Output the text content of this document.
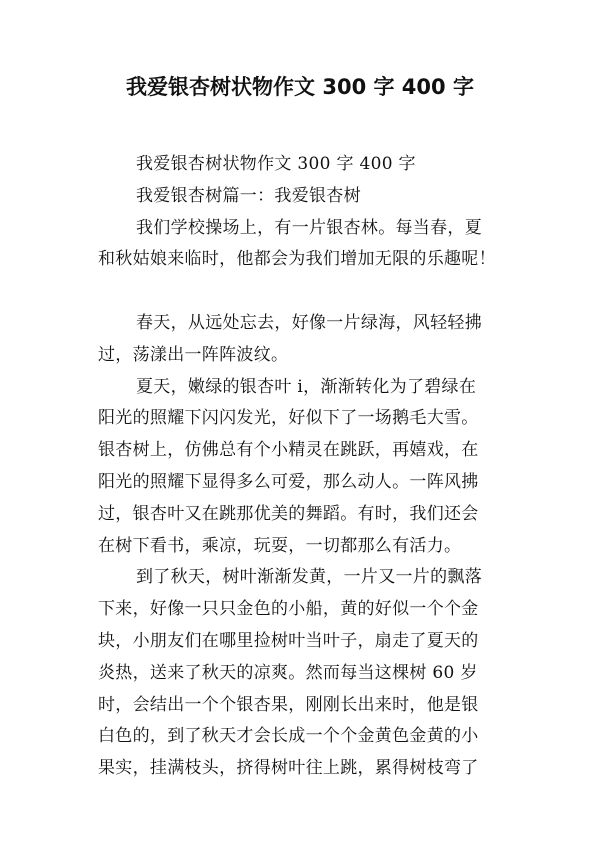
我爱银杏树状物作文 300 字 400 字
我爱银杏树状物作文 300 字 400 字
我爱银杏树篇一：我爱银杏树
我们学校操场上，有一片银杏林。每当春，夏
和秋姑娘来临时，他都会为我们增加无限的乐趣呢！
春天，从远处忘去，好像一片绿海，风轻轻拂
过，荡漾出一阵阵波纹。
夏天，嫩绿的银杏叶 i，渐渐转化为了碧绿在
阳光的照耀下闪闪发光，好似下了一场鹅毛大雪。
银杏树上，仿佛总有个小精灵在跳跃，再嬉戏，在
阳光的照耀下显得多么可爱，那么动人。一阵风拂
过，银杏叶又在跳那优美的舞蹈。有时，我们还会
在树下看书，乘凉，玩耍，一切都那么有活力。
到了秋天，树叶渐渐发黄，一片又一片的飘落
下来，好像一只只金色的小船，黄的好似一个个金
块，小朋友们在哪里捡树叶当叶子，扇走了夏天的
炎热，送来了秋天的凉爽。然而每当这棵树 60 岁
时，会结出一个个银杏果，刚刚长出来时，他是银
白色的，到了秋天才会长成一个个金黄色金黄的小
果实，挂满枝头，挤得树叶往上跳，累得树枝弯了
